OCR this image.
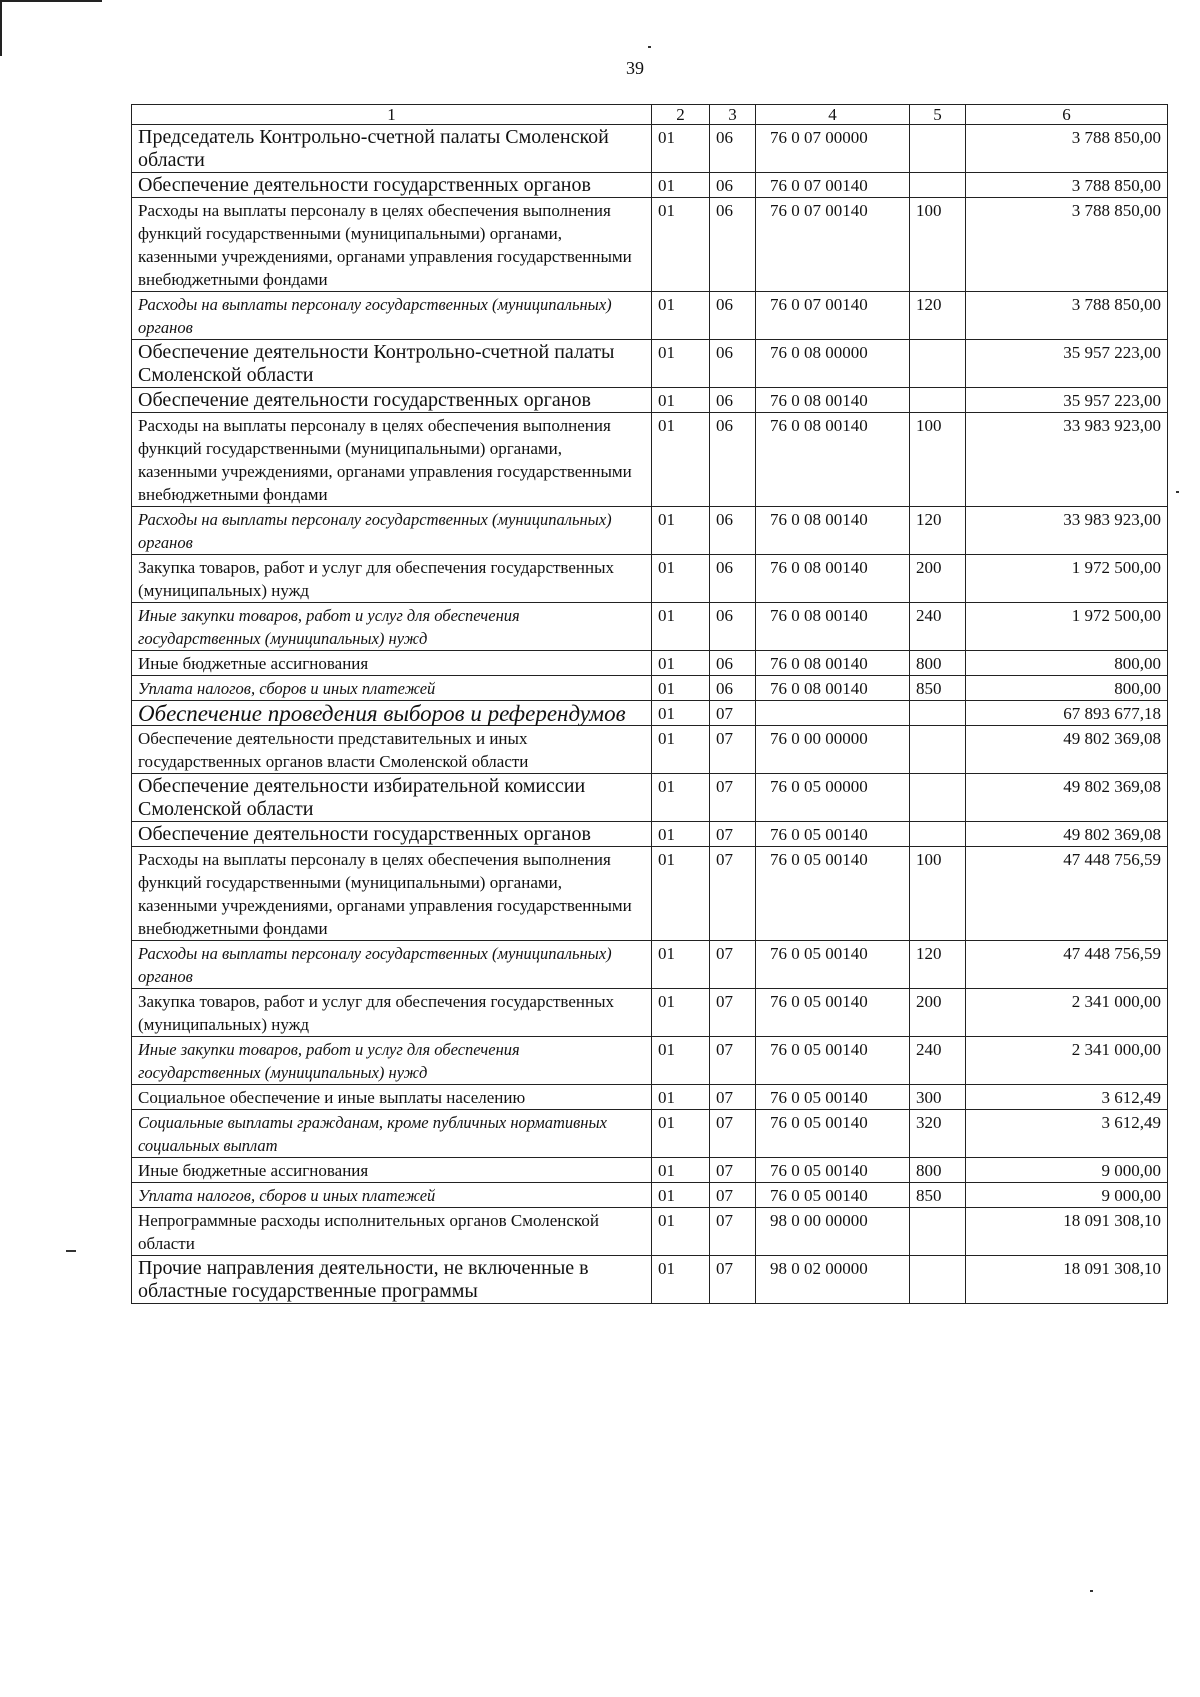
39
1	2	3	4	5	6
Председатель Контрольно-счетной палаты Смоленской области	01	06	76 0 07 00000		3 788 850,00
Обеспечение деятельности государственных органов	01	06	76 0 07 00140		3 788 850,00
Расходы на выплаты персоналу в целях обеспечения выполнения функций государственными (муниципальными) органами, казенными учреждениями, органами управления государственными внебюджетными фондами	01	06	76 0 07 00140	100	3 788 850,00
Расходы на выплаты персоналу государственных (муниципальных) органов	01	06	76 0 07 00140	120	3 788 850,00
Обеспечение деятельности Контрольно-счетной палаты Смоленской области	01	06	76 0 08 00000		35 957 223,00
Обеспечение деятельности государственных органов	01	06	76 0 08 00140		35 957 223,00
Расходы на выплаты персоналу в целях обеспечения выполнения функций государственными (муниципальными) органами, казенными учреждениями, органами управления государственными внебюджетными фондами	01	06	76 0 08 00140	100	33 983 923,00
Расходы на выплаты персоналу государственных (муниципальных) органов	01	06	76 0 08 00140	120	33 983 923,00
Закупка товаров, работ и услуг для обеспечения государственных (муниципальных) нужд	01	06	76 0 08 00140	200	1 972 500,00
Иные закупки товаров, работ и услуг для обеспечения государственных (муниципальных) нужд	01	06	76 0 08 00140	240	1 972 500,00
Иные бюджетные ассигнования	01	06	76 0 08 00140	800	800,00
Уплата налогов, сборов и иных платежей	01	06	76 0 08 00140	850	800,00
Обеспечение проведения выборов и референдумов	01	07			67 893 677,18
Обеспечение деятельности представительных и иных государственных органов власти Смоленской области	01	07	76 0 00 00000		49 802 369,08
Обеспечение деятельности избирательной комиссии Смоленской области	01	07	76 0 05 00000		49 802 369,08
Обеспечение деятельности государственных органов	01	07	76 0 05 00140		49 802 369,08
Расходы на выплаты персоналу в целях обеспечения выполнения функций государственными (муниципальными) органами, казенными учреждениями, органами управления государственными внебюджетными фондами	01	07	76 0 05 00140	100	47 448 756,59
Расходы на выплаты персоналу государственных (муниципальных) органов	01	07	76 0 05 00140	120	47 448 756,59
Закупка товаров, работ и услуг для обеспечения государственных (муниципальных) нужд	01	07	76 0 05 00140	200	2 341 000,00
Иные закупки товаров, работ и услуг для обеспечения государственных (муниципальных) нужд	01	07	76 0 05 00140	240	2 341 000,00
Социальное обеспечение и иные выплаты населению	01	07	76 0 05 00140	300	3 612,49
Социальные выплаты гражданам, кроме публичных нормативных социальных выплат	01	07	76 0 05 00140	320	3 612,49
Иные бюджетные ассигнования	01	07	76 0 05 00140	800	9 000,00
Уплата налогов, сборов и иных платежей	01	07	76 0 05 00140	850	9 000,00
Непрограммные расходы исполнительных органов Смоленской области	01	07	98 0 00 00000		18 091 308,10
Прочие направления деятельности, не включенные в областные государственные программы	01	07	98 0 02 00000		18 091 308,10
